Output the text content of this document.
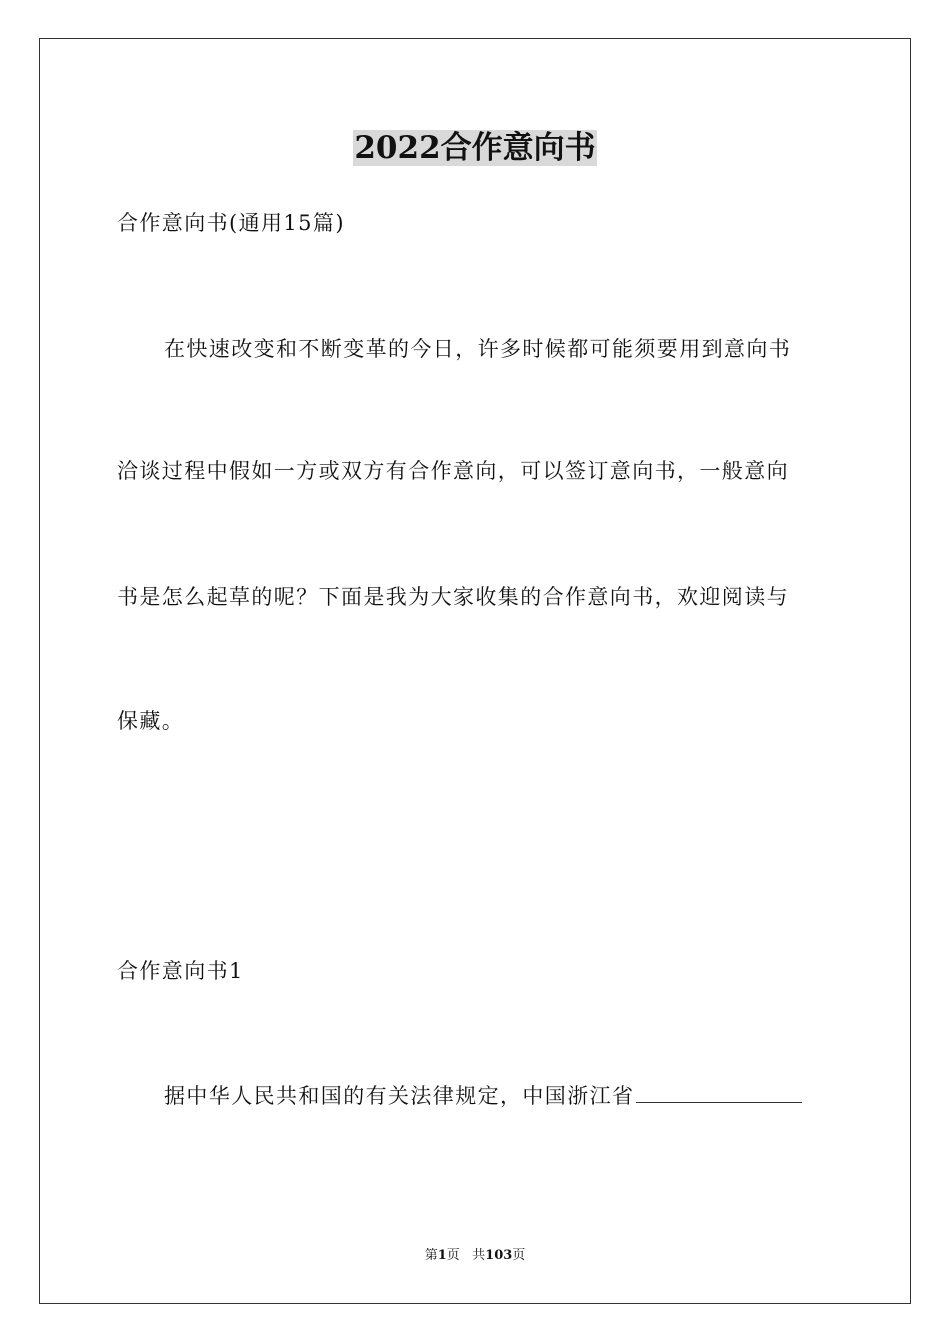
2022合作意向书
合作意向书(通用15篇)
在快速改变和不断变革的今日，许多时候都可能须要用到意向书
洽谈过程中假如一方或双方有合作意向，可以签订意向书，一般意向
书是怎么起草的呢？下面是我为大家收集的合作意向书，欢迎阅读与
保藏。
合作意向书1
据中华人民共和国的有关法律规定，中国浙江省
第1页   共103页
